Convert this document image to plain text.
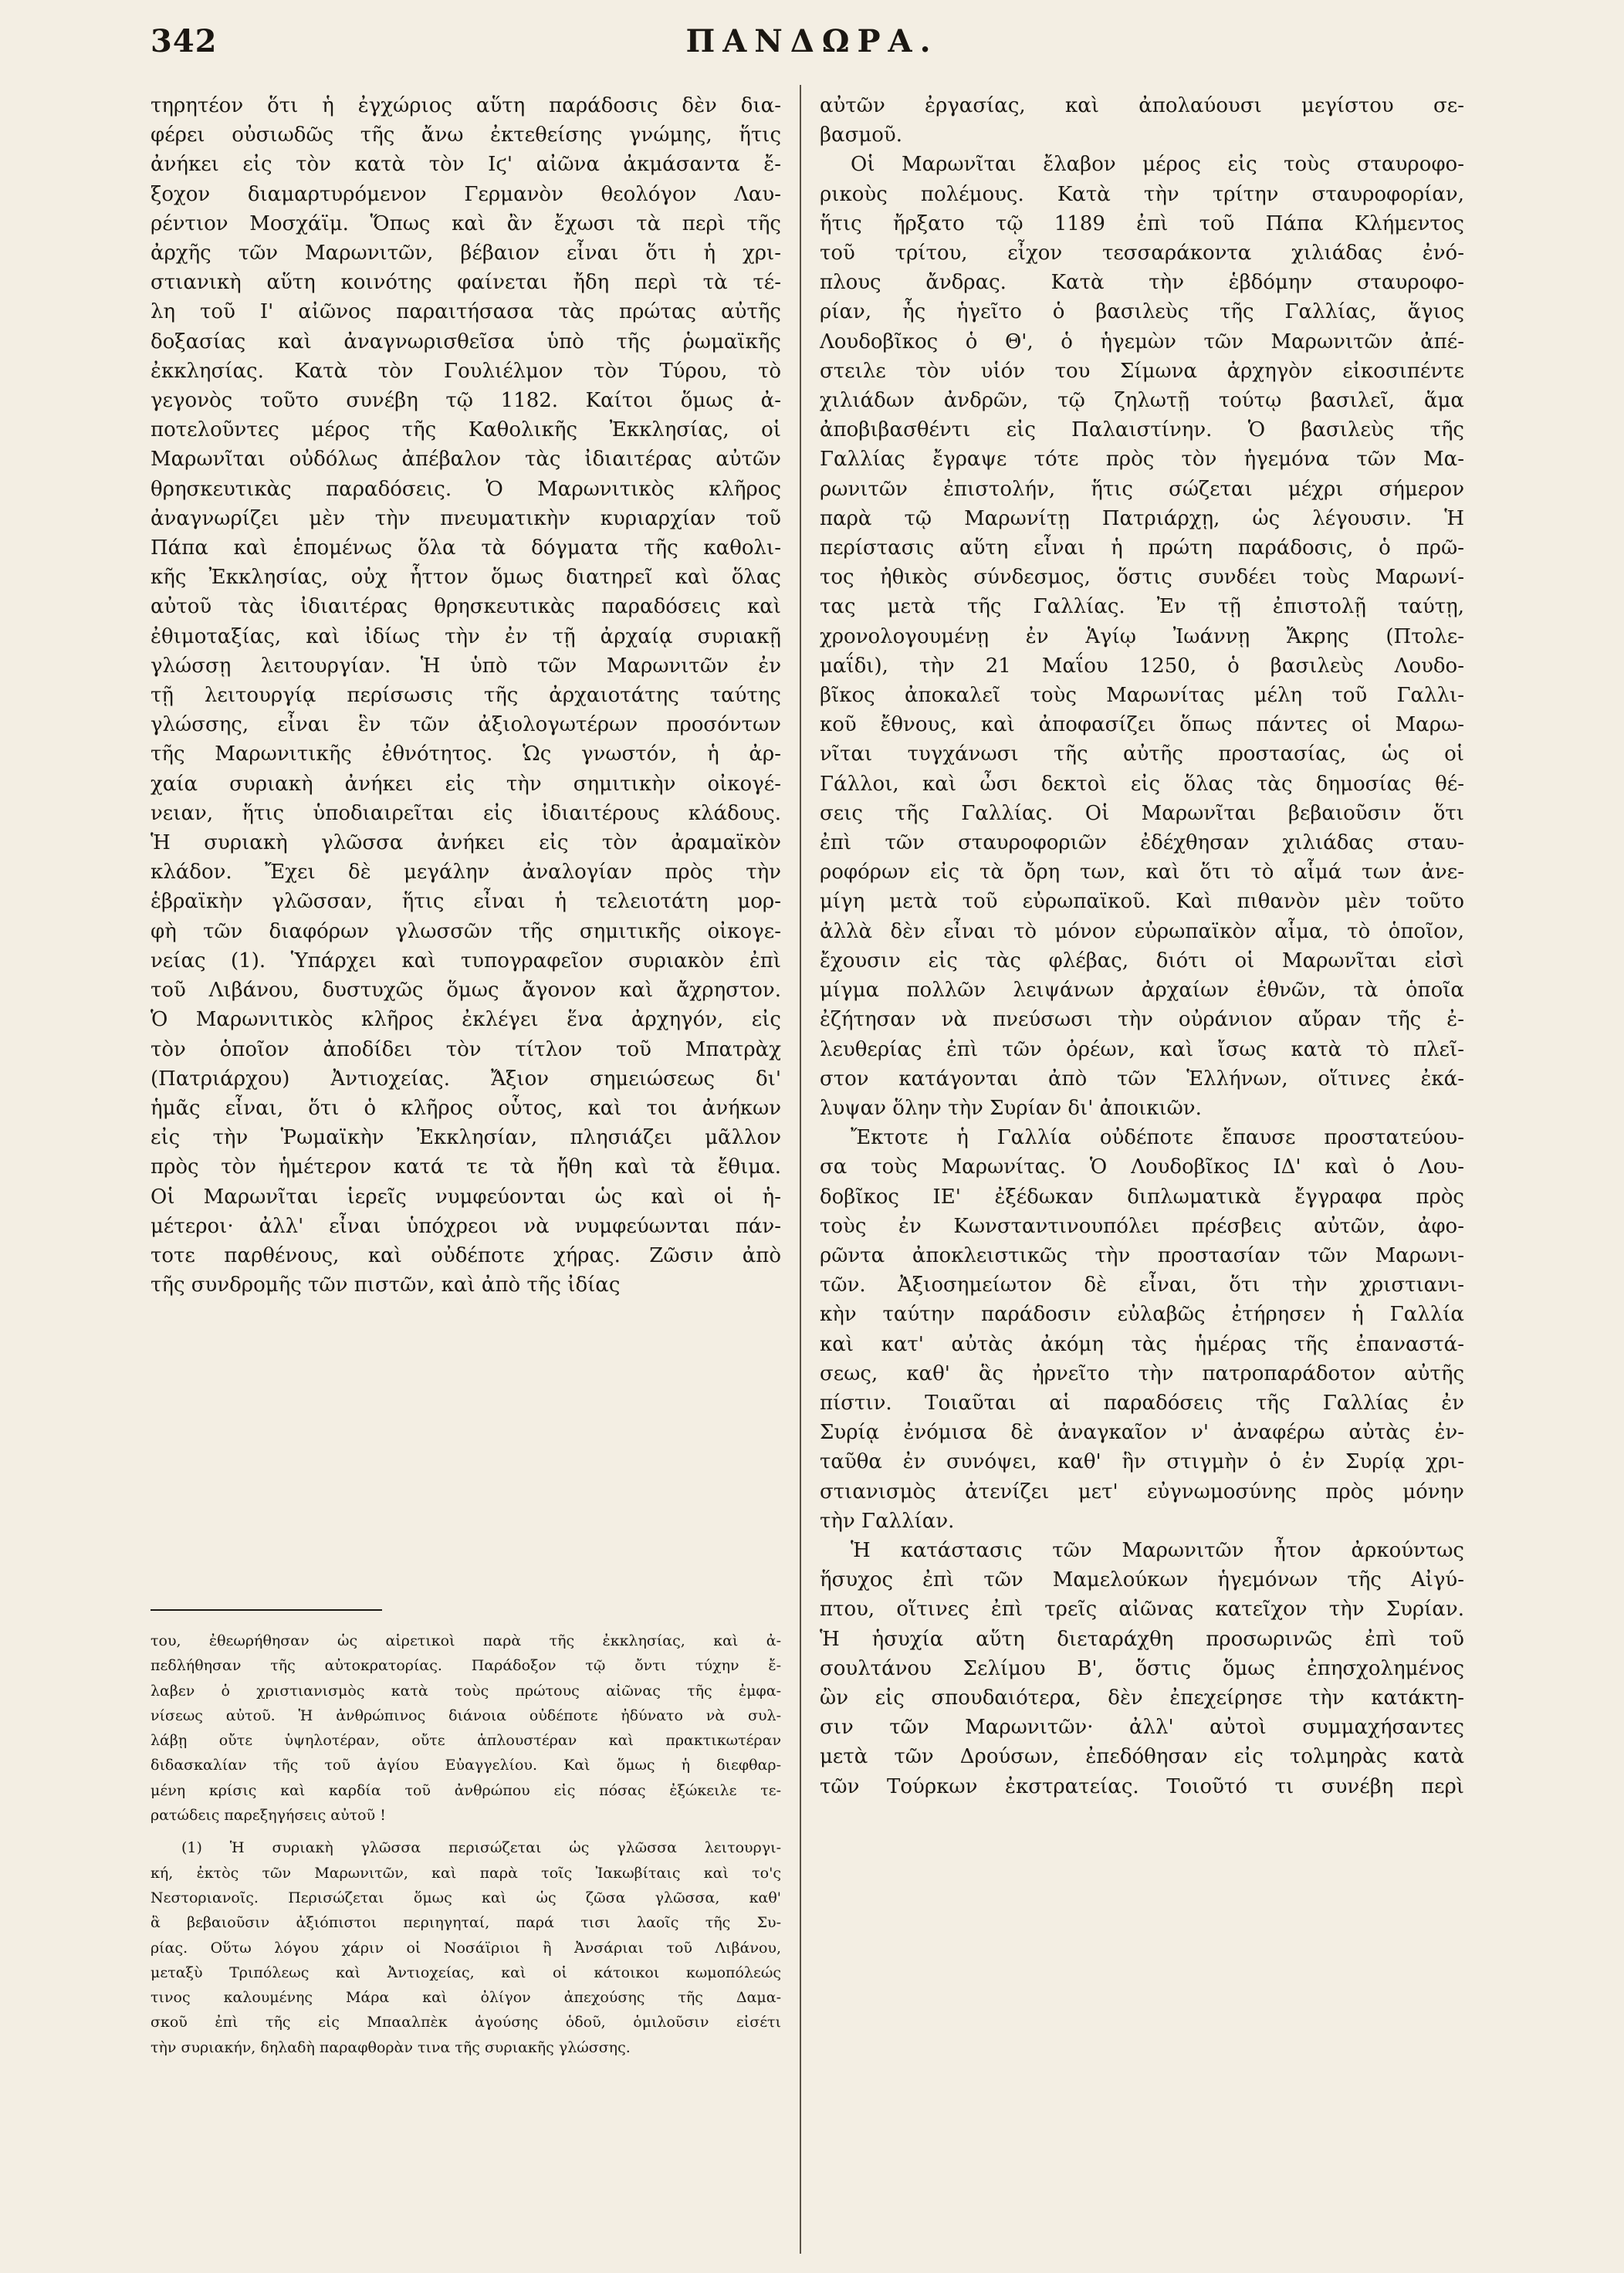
342	ΠΑΝΔΩΡΑ.
τηρητέον ὅτι ἡ ἐγχώριος αὕτη παράδοσις δὲν δια-
φέρει οὐσιωδῶς τῆς ἄνω ἐκτεθείσης γνώμης, ἥτις
ἀνήκει εἰς τὸν κατὰ τὸν Ιϛ' αἰῶνα ἀκμάσαντα ἔ-
ξοχον διαμαρτυρόμενον Γερμανὸν θεολόγον Λαυ-
ρέντιον Μοσχάϊμ. Ὅπως καὶ ἂν ἔχωσι τὰ περὶ τῆς
ἀρχῆς τῶν Μαρωνιτῶν, βέβαιον εἶναι ὅτι ἡ χρι-
στιανικὴ αὕτη κοινότης φαίνεται ἤδη περὶ τὰ τέ-
λη τοῦ Ι' αἰῶνος παραιτήσασα τὰς πρώτας αὐτῆς
δοξασίας καὶ ἀναγνωρισθεῖσα ὑπὸ τῆς ῥωμαϊκῆς
ἐκκλησίας. Κατὰ τὸν Γουλιέλμον τὸν Τύρου, τὸ
γεγονὸς τοῦτο συνέβη τῷ 1182. Καίτοι ὅμως ἀ-
ποτελοῦντες μέρος τῆς Καθολικῆς Ἐκκλησίας, οἱ
Μαρωνῖται οὐδόλως ἀπέβαλον τὰς ἰδιαιτέρας αὐτῶν
θρησκευτικὰς παραδόσεις. Ὁ Μαρωνιτικὸς κλῆρος
ἀναγνωρίζει μὲν τὴν πνευματικὴν κυριαρχίαν τοῦ
Πάπα καὶ ἑπομένως ὅλα τὰ δόγματα τῆς καθολι-
κῆς Ἐκκλησίας, οὐχ ἧττον ὅμως διατηρεῖ καὶ ὅλας
αὐτοῦ τὰς ἰδιαιτέρας θρησκευτικὰς παραδόσεις καὶ
ἐθιμοταξίας, καὶ ἰδίως τὴν ἐν τῇ ἀρχαίᾳ συριακῇ
γλώσσῃ λειτουργίαν. Ἡ ὑπὸ τῶν Μαρωνιτῶν ἐν
τῇ λειτουργίᾳ περίσωσις τῆς ἀρχαιοτάτης ταύτης
γλώσσης, εἶναι ἓν τῶν ἀξιολογωτέρων προσόντων
τῆς Μαρωνιτικῆς ἐθνότητος. Ὡς γνωστόν, ἡ ἀρ-
χαία συριακὴ ἀνήκει εἰς τὴν σημιτικὴν οἰκογέ-
νειαν, ἥτις ὑποδιαιρεῖται εἰς ἰδιαιτέρους κλάδους.
Ἡ συριακὴ γλῶσσα ἀνήκει εἰς τὸν ἀραμαϊκὸν
κλάδον. Ἔχει δὲ μεγάλην ἀναλογίαν πρὸς τὴν
ἑβραϊκὴν γλῶσσαν, ἥτις εἶναι ἡ τελειοτάτη μορ-
φὴ τῶν διαφόρων γλωσσῶν τῆς σημιτικῆς οἰκογε-
νείας (1). Ὑπάρχει καὶ τυπογραφεῖον συριακὸν ἐπὶ
τοῦ Λιβάνου, δυστυχῶς ὅμως ἄγονον καὶ ἄχρηστον.
Ὁ Μαρωνιτικὸς κλῆρος ἐκλέγει ἕνα ἀρχηγόν, εἰς
τὸν ὁποῖον ἀποδίδει τὸν τίτλον τοῦ Μπατρὰχ
(Πατριάρχου) Ἀντιοχείας. Ἄξιον σημειώσεως δι'
ἡμᾶς εἶναι, ὅτι ὁ κλῆρος οὗτος, καὶ τοι ἀνήκων
εἰς τὴν Ῥωμαϊκὴν Ἐκκλησίαν, πλησιάζει μᾶλλον
πρὸς τὸν ἡμέτερον κατά τε τὰ ἤθη καὶ τὰ ἔθιμα.
Οἱ Μαρωνῖται ἱερεῖς νυμφεύονται ὡς καὶ οἱ ἡ-
μέτεροι· ἀλλ' εἶναι ὑπόχρεοι νὰ νυμφεύωνται πάν-
τοτε παρθένους, καὶ οὐδέποτε χήρας. Ζῶσιν ἀπὸ
τῆς συνδρομῆς τῶν πιστῶν, καὶ ἀπὸ τῆς ἰδίας
αὐτῶν ἐργασίας, καὶ ἀπολαύουσι μεγίστου σε-
βασμοῦ.
Οἱ Μαρωνῖται ἔλαβον μέρος εἰς τοὺς σταυροφο-
ρικοὺς πολέμους. Κατὰ τὴν τρίτην σταυροφορίαν,
ἥτις ἤρξατο τῷ 1189 ἐπὶ τοῦ Πάπα Κλήμεντος
τοῦ τρίτου, εἶχον τεσσαράκοντα χιλιάδας ἐνό-
πλους ἄνδρας. Κατὰ τὴν ἑβδόμην σταυροφο-
ρίαν, ἧς ἡγεῖτο ὁ βασιλεὺς τῆς Γαλλίας, ἅγιος
Λουδοβῖκος ὁ Θ', ὁ ἡγεμὼν τῶν Μαρωνιτῶν ἀπέ-
στειλε τὸν υἱόν του Σίμωνα ἀρχηγὸν εἰκοσιπέντε
χιλιάδων ἀνδρῶν, τῷ ζηλωτῇ τούτῳ βασιλεῖ, ἅμα
ἀποβιβασθέντι εἰς Παλαιστίνην. Ὁ βασιλεὺς τῆς
Γαλλίας ἔγραψε τότε πρὸς τὸν ἡγεμόνα τῶν Μα-
ρωνιτῶν ἐπιστολήν, ἥτις σώζεται μέχρι σήμερον
παρὰ τῷ Μαρωνίτῃ Πατριάρχῃ, ὡς λέγουσιν. Ἡ
περίστασις αὕτη εἶναι ἡ πρώτη παράδοσις, ὁ πρῶ-
τος ἠθικὸς σύνδεσμος, ὅστις συνδέει τοὺς Μαρωνί-
τας μετὰ τῆς Γαλλίας. Ἐν τῇ ἐπιστολῇ ταύτῃ,
χρονολογουμένῃ ἐν Ἁγίῳ Ἰωάννῃ Ἄκρης (Πτολε-
μαΐδι), τὴν 21 Μαΐου 1250, ὁ βασιλεὺς Λουδο-
βῖκος ἀποκαλεῖ τοὺς Μαρωνίτας μέλη τοῦ Γαλλι-
κοῦ ἔθνους, καὶ ἀποφασίζει ὅπως πάντες οἱ Μαρω-
νῖται τυγχάνωσι τῆς αὐτῆς προστασίας, ὡς οἱ
Γάλλοι, καὶ ὦσι δεκτοὶ εἰς ὅλας τὰς δημοσίας θέ-
σεις τῆς Γαλλίας. Οἱ Μαρωνῖται βεβαιοῦσιν ὅτι
ἐπὶ τῶν σταυροφοριῶν ἐδέχθησαν χιλιάδας σταυ-
ροφόρων εἰς τὰ ὄρη των, καὶ ὅτι τὸ αἷμά των ἀνε-
μίγη μετὰ τοῦ εὐρωπαϊκοῦ. Καὶ πιθανὸν μὲν τοῦτο
ἀλλὰ δὲν εἶναι τὸ μόνον εὐρωπαϊκὸν αἷμα, τὸ ὁποῖον,
ἔχουσιν εἰς τὰς φλέβας, διότι οἱ Μαρωνῖται εἰσὶ
μίγμα πολλῶν λειψάνων ἀρχαίων ἐθνῶν, τὰ ὁποῖα
ἐζήτησαν νὰ πνεύσωσι τὴν οὐράνιον αὔραν τῆς ἐ-
λευθερίας ἐπὶ τῶν ὀρέων, καὶ ἴσως κατὰ τὸ πλεῖ-
στον κατάγονται ἀπὸ τῶν Ἑλλήνων, οἵτινες ἐκά-
λυψαν ὅλην τὴν Συρίαν δι' ἀποικιῶν.
Ἔκτοτε ἡ Γαλλία οὐδέποτε ἔπαυσε προστατεύου-
σα τοὺς Μαρωνίτας. Ὁ Λουδοβῖκος ΙΔ' καὶ ὁ Λου-
δοβῖκος ΙΕ' ἐξέδωκαν διπλωματικὰ ἔγγραφα πρὸς
τοὺς ἐν Κωνσταντινουπόλει πρέσβεις αὐτῶν, ἀφο-
ρῶντα ἀποκλειστικῶς τὴν προστασίαν τῶν Μαρωνι-
τῶν. Ἀξιοσημείωτον δὲ εἶναι, ὅτι τὴν χριστιανι-
κὴν ταύτην παράδοσιν εὐλαβῶς ἐτήρησεν ἡ Γαλλία
καὶ κατ' αὐτὰς ἀκόμη τὰς ἡμέρας τῆς ἐπαναστά-
σεως, καθ' ἃς ἠρνεῖτο τὴν πατροπαράδοτον αὐτῆς
πίστιν. Τοιαῦται αἱ παραδόσεις τῆς Γαλλίας ἐν
Συρίᾳ ἐνόμισα δὲ ἀναγκαῖον ν' ἀναφέρω αὐτὰς ἐν-
ταῦθα ἐν συνόψει, καθ' ἣν στιγμὴν ὁ ἐν Συρίᾳ χρι-
στιανισμὸς ἀτενίζει μετ' εὐγνωμοσύνης πρὸς μόνην
τὴν Γαλλίαν.
Ἡ κατάστασις τῶν Μαρωνιτῶν ἦτον ἀρκούντως
ἥσυχος ἐπὶ τῶν Μαμελούκων ἡγεμόνων τῆς Αἰγύ-
πτου, οἵτινες ἐπὶ τρεῖς αἰῶνας κατεῖχον τὴν Συρίαν.
Ἡ ἡσυχία αὕτη διεταράχθη προσωρινῶς ἐπὶ τοῦ
σουλτάνου Σελίμου Β', ὅστις ὅμως ἐπησχολημένος
ὢν εἰς σπουδαιότερα, δὲν ἐπεχείρησε τὴν κατάκτη-
σιν τῶν Μαρωνιτῶν· ἀλλ' αὐτοὶ συμμαχήσαντες
μετὰ τῶν Δρούσων, ἐπεδόθησαν εἰς τολμηρὰς κατὰ
τῶν Τούρκων ἐκστρατείας. Τοιοῦτό τι συνέβη περὶ
του, ἐθεωρήθησαν ὡς αἱρετικοὶ παρὰ τῆς ἐκκλησίας, καὶ ἀ-
πεδλήθησαν τῆς αὐτοκρατορίας. Παράδοξον τῷ ὄντι τύχην ἔ-
λαβεν ὁ χριστιανισμὸς κατὰ τοὺς πρώτους αἰῶνας τῆς ἐμφα-
νίσεως αὐτοῦ. Ἡ ἀνθρώπινος διάνοια οὐδέποτε ἠδύνατο νὰ συλ-
λάβῃ οὔτε ὑψηλοτέραν, οὔτε ἁπλουστέραν καὶ πρακτικωτέραν
διδασκαλίαν τῆς τοῦ ἁγίου Εὐαγγελίου. Καὶ ὅμως ἡ διεφθαρ-
μένη κρίσις καὶ καρδία τοῦ ἀνθρώπου εἰς πόσας ἐξώκειλε τε-
ρατώδεις παρεξηγήσεις αὐτοῦ !
(1) Ἡ συριακὴ γλῶσσα περισώζεται ὡς γλῶσσα λειτουργι-
κή, ἐκτὸς τῶν Μαρωνιτῶν, καὶ παρὰ τοῖς Ἰακωβίταις καὶ το'ς
Νεστοριανοῖς. Περισώζεται ὅμως καὶ ὡς ζῶσα γλῶσσα, καθ'
ἃ βεβαιοῦσιν ἀξιόπιστοι περιηγηταί, παρά τισι λαοῖς τῆς Συ-
ρίας. Οὕτω λόγου χάριν οἱ Νοσάϊριοι ἢ Ἀνσάριαι τοῦ Λιβάνου,
μεταξὺ Τριπόλεως καὶ Ἀντιοχείας, καὶ οἱ κάτοικοι κωμοπόλεώς
τινος καλουμένης Μάρα καὶ ὀλίγον ἀπεχούσης τῆς Δαμα-
σκοῦ ἐπὶ τῆς εἰς Μπααλπὲκ ἀγούσης ὁδοῦ, ὁμιλοῦσιν εἰσέτι
τὴν συριακήν, δηλαδὴ παραφθορὰν τινα τῆς συριακῆς γλώσσης.
